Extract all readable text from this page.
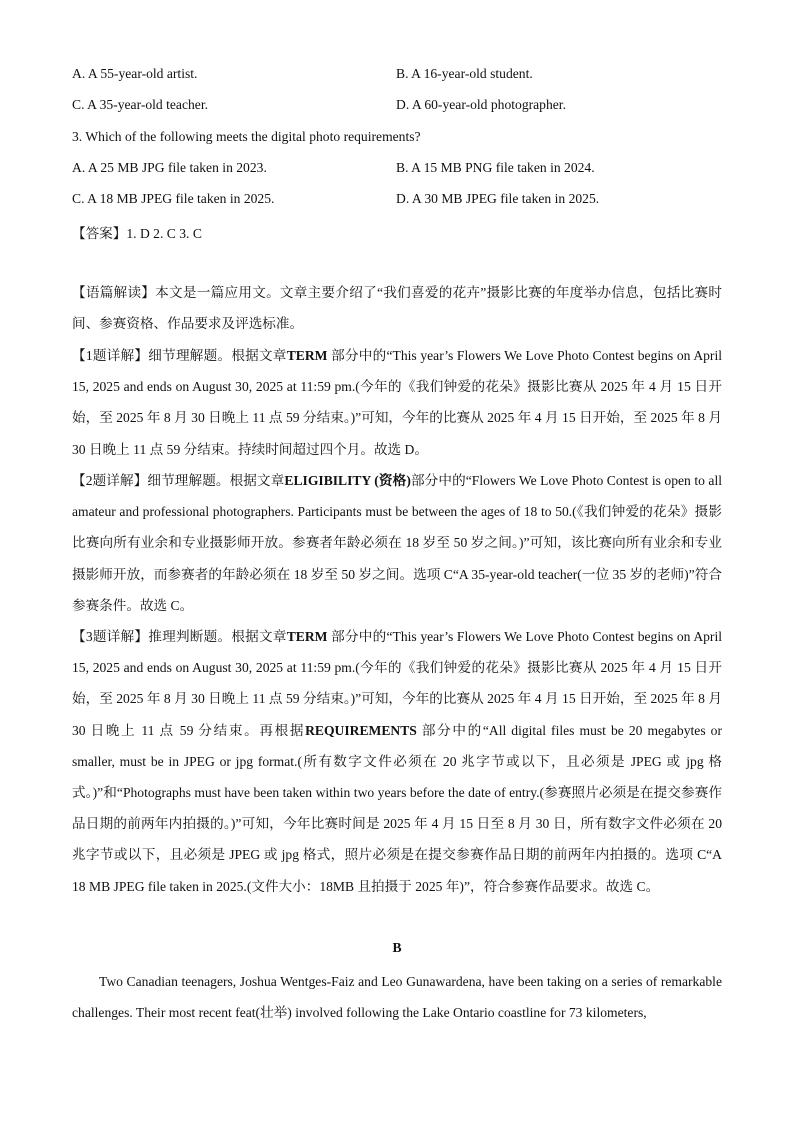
A. A 55-year-old artist.	B. A 16-year-old student.
C. A 35-year-old teacher.	D. A 60-year-old photographer.
3. Which of the following meets the digital photo requirements?
A. A 25 MB JPG file taken in 2023.	B. A 15 MB PNG file taken in 2024.
C. A 18 MB JPEG file taken in 2025.	D. A 30 MB JPEG file taken in 2025.
【答案】1. D 2. C 3. C
【语篇解读】本文是一篇应用文。文章主要介绍了“我们喜爱的花卉”摄影比赛的年度举办信息，包括比赛时间、参赛资格、作品要求及评选标准。
【1题详解】细节理解题。根据文章TERM 部分中的“This year’s Flowers We Love Photo Contest begins on April 15, 2025 and ends on August 30, 2025 at 11:59 pm.(今年的《我们钟爱的花朵》摄影比赛从 2025 年 4 月 15 日开始，至 2025 年 8 月 30 日晚上 11 点 59 分结束。)”可知，今年的比赛从 2025 年 4 月 15 日开始，至 2025 年 8 月 30 日晚上 11 点 59 分结束。持续时间超过四个月。故选 D。
【2题详解】细节理解题。根据文章ELIGIBILITY (资格)部分中的“Flowers We Love Photo Contest is open to all amateur and professional photographers. Participants must be between the ages of 18 to 50.(《我们钟爱的花朵》摄影比赛向所有业余和专业摄影师开放。参赛者年龄必须在 18 岁至 50 岁之间。)”可知，该比赛向所有业余和专业摄影师开放，而参赛者的年龄必须在 18 岁至 50 岁之间。选项 C“A 35-year-old teacher(一位 35 岁的老师)”符合参赛条件。故选 C。
【3题详解】推理判断题。根据文章TERM 部分中的“This year’s Flowers We Love Photo Contest begins on April 15, 2025 and ends on August 30, 2025 at 11:59 pm.(今年的《我们钟爱的花朵》摄影比赛从 2025 年 4 月 15 日开始，至 2025 年 8 月 30 日晚上 11 点 59 分结束。)”可知，今年的比赛从 2025 年 4 月 15 日开始，至 2025 年 8 月 30 日晚上 11 点 59 分结束。再根据REQUIREMENTS 部分中的“All digital files must be 20 megabytes or smaller, must be in JPEG or jpg format.(所有数字文件必须在 20 兆字节或以下，且必须是 JPEG 或 jpg 格式。)”和“Photographs must have been taken within two years before the date of entry.(参赛照片必须是在提交参赛作品日期的前两年内拍摄的。)”可知，今年比赛时间是 2025 年 4 月 15 日至 8 月 30 日，所有数字文件必须在 20 兆字节或以下，且必须是 JPEG 或 jpg 格式，照片必须是在提交参赛作品日期的前两年内拍摄的。选项 C“A 18 MB JPEG file taken in 2025.(文件大小：18MB 且拍摄于 2025 年)”，符合参赛作品要求。故选 C。
B
Two Canadian teenagers, Joshua Wentges-Faiz and Leo Gunawardena, have been taking on a series of remarkable challenges. Their most recent feat(壮举) involved following the Lake Ontario coastline for 73 kilometers,
